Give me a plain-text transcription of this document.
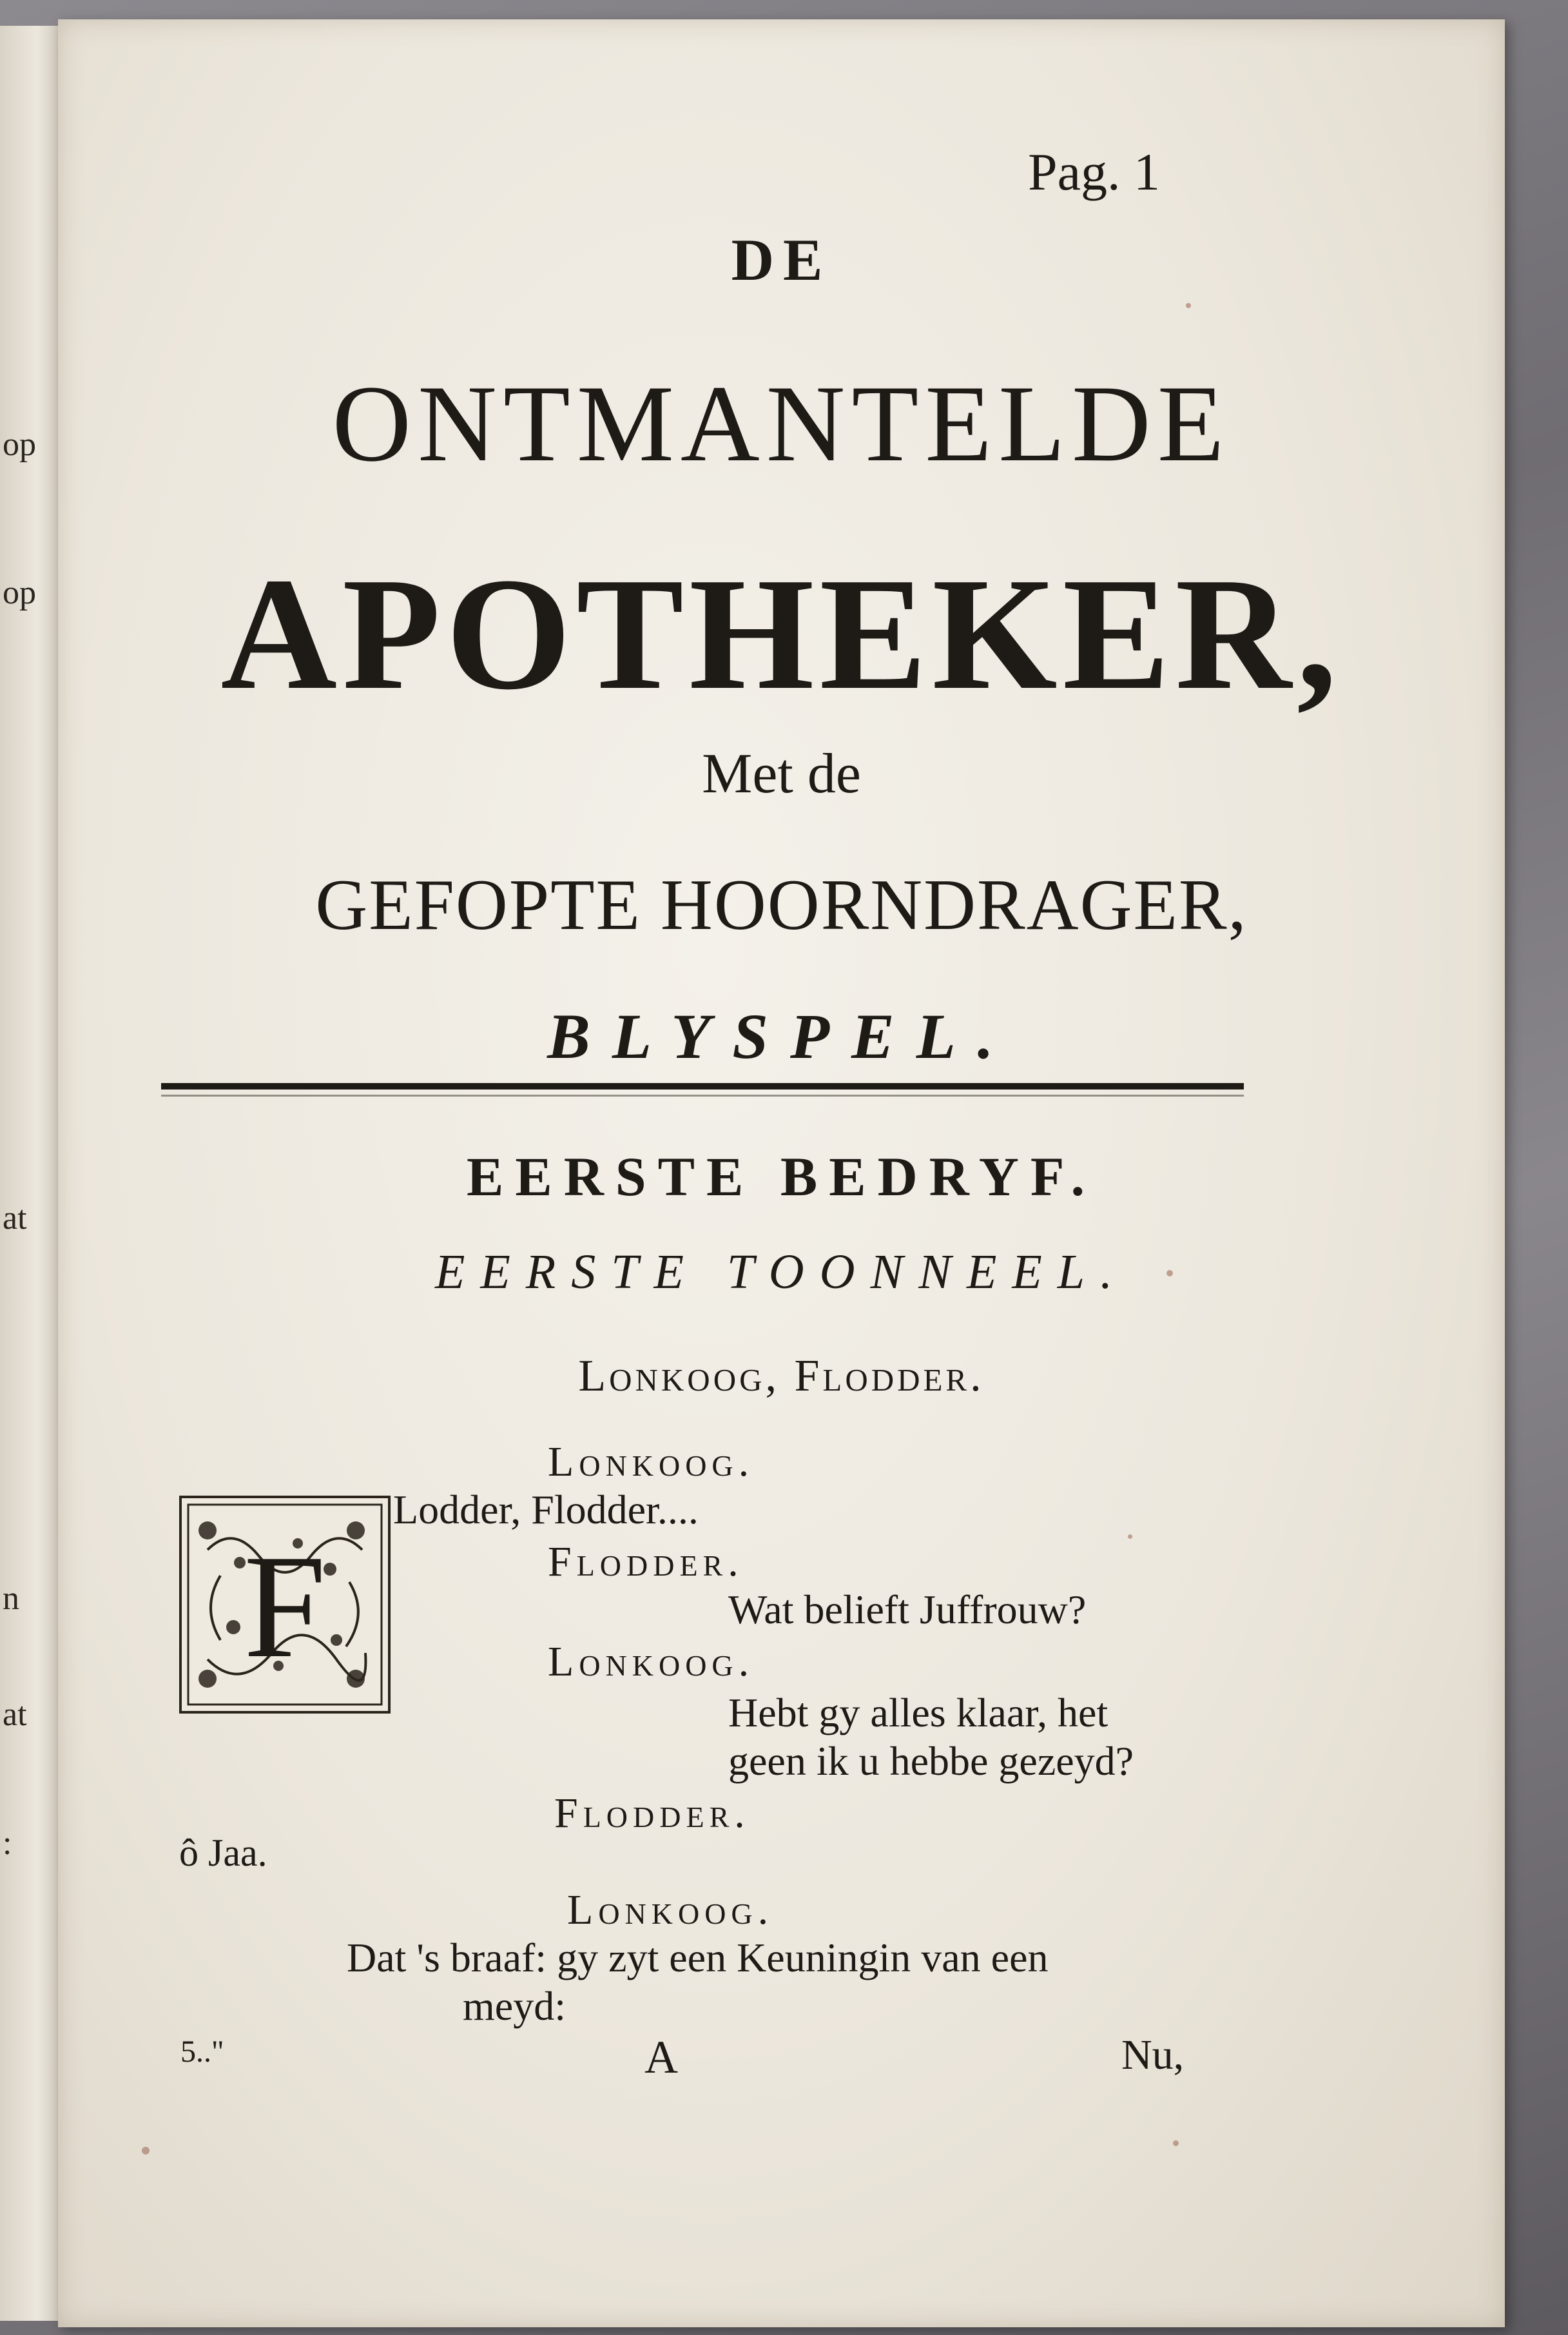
op
op
at
n
at
:
Pag. 1
DE
ONTMANTELDE
APOTHEKER,
Met de
GEFOPTE HOORNDRAGER,
BLYSPEL.
EERSTE BEDRYF.
EERSTE TOONNEEL.
Lonkoog, Flodder.
F
Lonkoog.
Lodder, Flodder....
Flodder.
Wat belieft Juffrouw?
Lonkoog.
Hebt gy alles klaar, het
geen ik u hebbe gezeyd?
Flodder.
ô Jaa.
Lonkoog.
Dat 's braaf: gy zyt een Keuningin van een
meyd:
5.."	A	Nu,
